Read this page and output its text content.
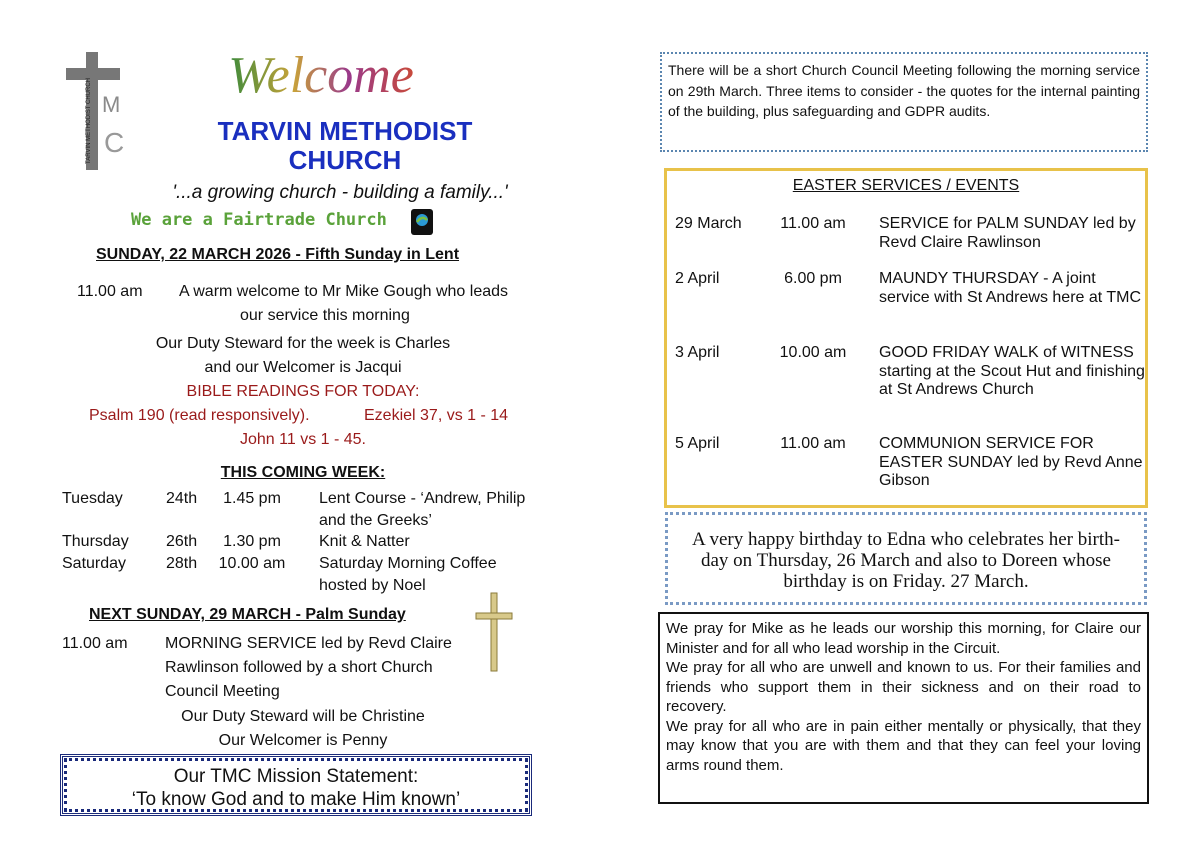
TARVIN METHODIST CHURCH M
C
Welcome
TARVIN METHODIST
CHURCH
'...a growing church - building a family...'
We are a Fairtrade Church
SUNDAY, 22 MARCH 2026 - Fifth Sunday in Lent
11.00 am A warm welcome to Mr Mike Gough who leads
our service this morning
Our Duty Steward for the week is Charles
and our Welcomer is Jacqui
BIBLE READINGS FOR TODAY:
Psalm 190 (read responsively).	Ezekiel 37, vs 1 - 14
John 11 vs 1 - 45.
THIS COMING WEEK:
Tuesday	24th	1.45 pm	Lent Course - ‘Andrew, Philip and the Greeks’
Thursday 26th	1.30 pm	Knit & Natter
Saturday 28th	10.00 am	Saturday Morning Coffee hosted by Noel
NEXT SUNDAY, 29 MARCH - Palm Sunday
11.00 am MORNING SERVICE led by Revd Claire Rawlinson followed by a short Church Council Meeting
Our Duty Steward will be Christine
Our Welcomer is Penny
Our TMC Mission Statement:
‘To know God and to make Him known’
There will be a short Church Council Meeting following the morning service on 29th March. Three items to consider - the quotes for the internal painting of the building, plus safeguarding and GDPR audits.
EASTER SERVICES / EVENTS
29 March	11.00 am	SERVICE for PALM SUNDAY led by Revd Claire Rawlinson
2 April	6.00 pm	MAUNDY THURSDAY - A joint service with St Andrews here at TMC
3 April	10.00 am	GOOD FRIDAY WALK of WITNESS starting at the Scout Hut and finishing at St Andrews Church
5 April	11.00 am	COMMUNION SERVICE FOR EASTER SUNDAY led by Revd Anne Gibson
A very happy birthday to Edna who celebrates her birth-day on Thursday, 26 March and also to Doreen whose birthday is on Friday. 27 March.

We pray for Mike as he leads our worship this morning, for Claire our Minister and for all who lead worship in the Circuit.

We pray for all who are unwell and known to us. For their families and friends who support them in their sickness and on their road to recovery.

We pray for all who are in pain either mentally or physically, that they may know that you are with them and that they can feel your loving arms round them.
